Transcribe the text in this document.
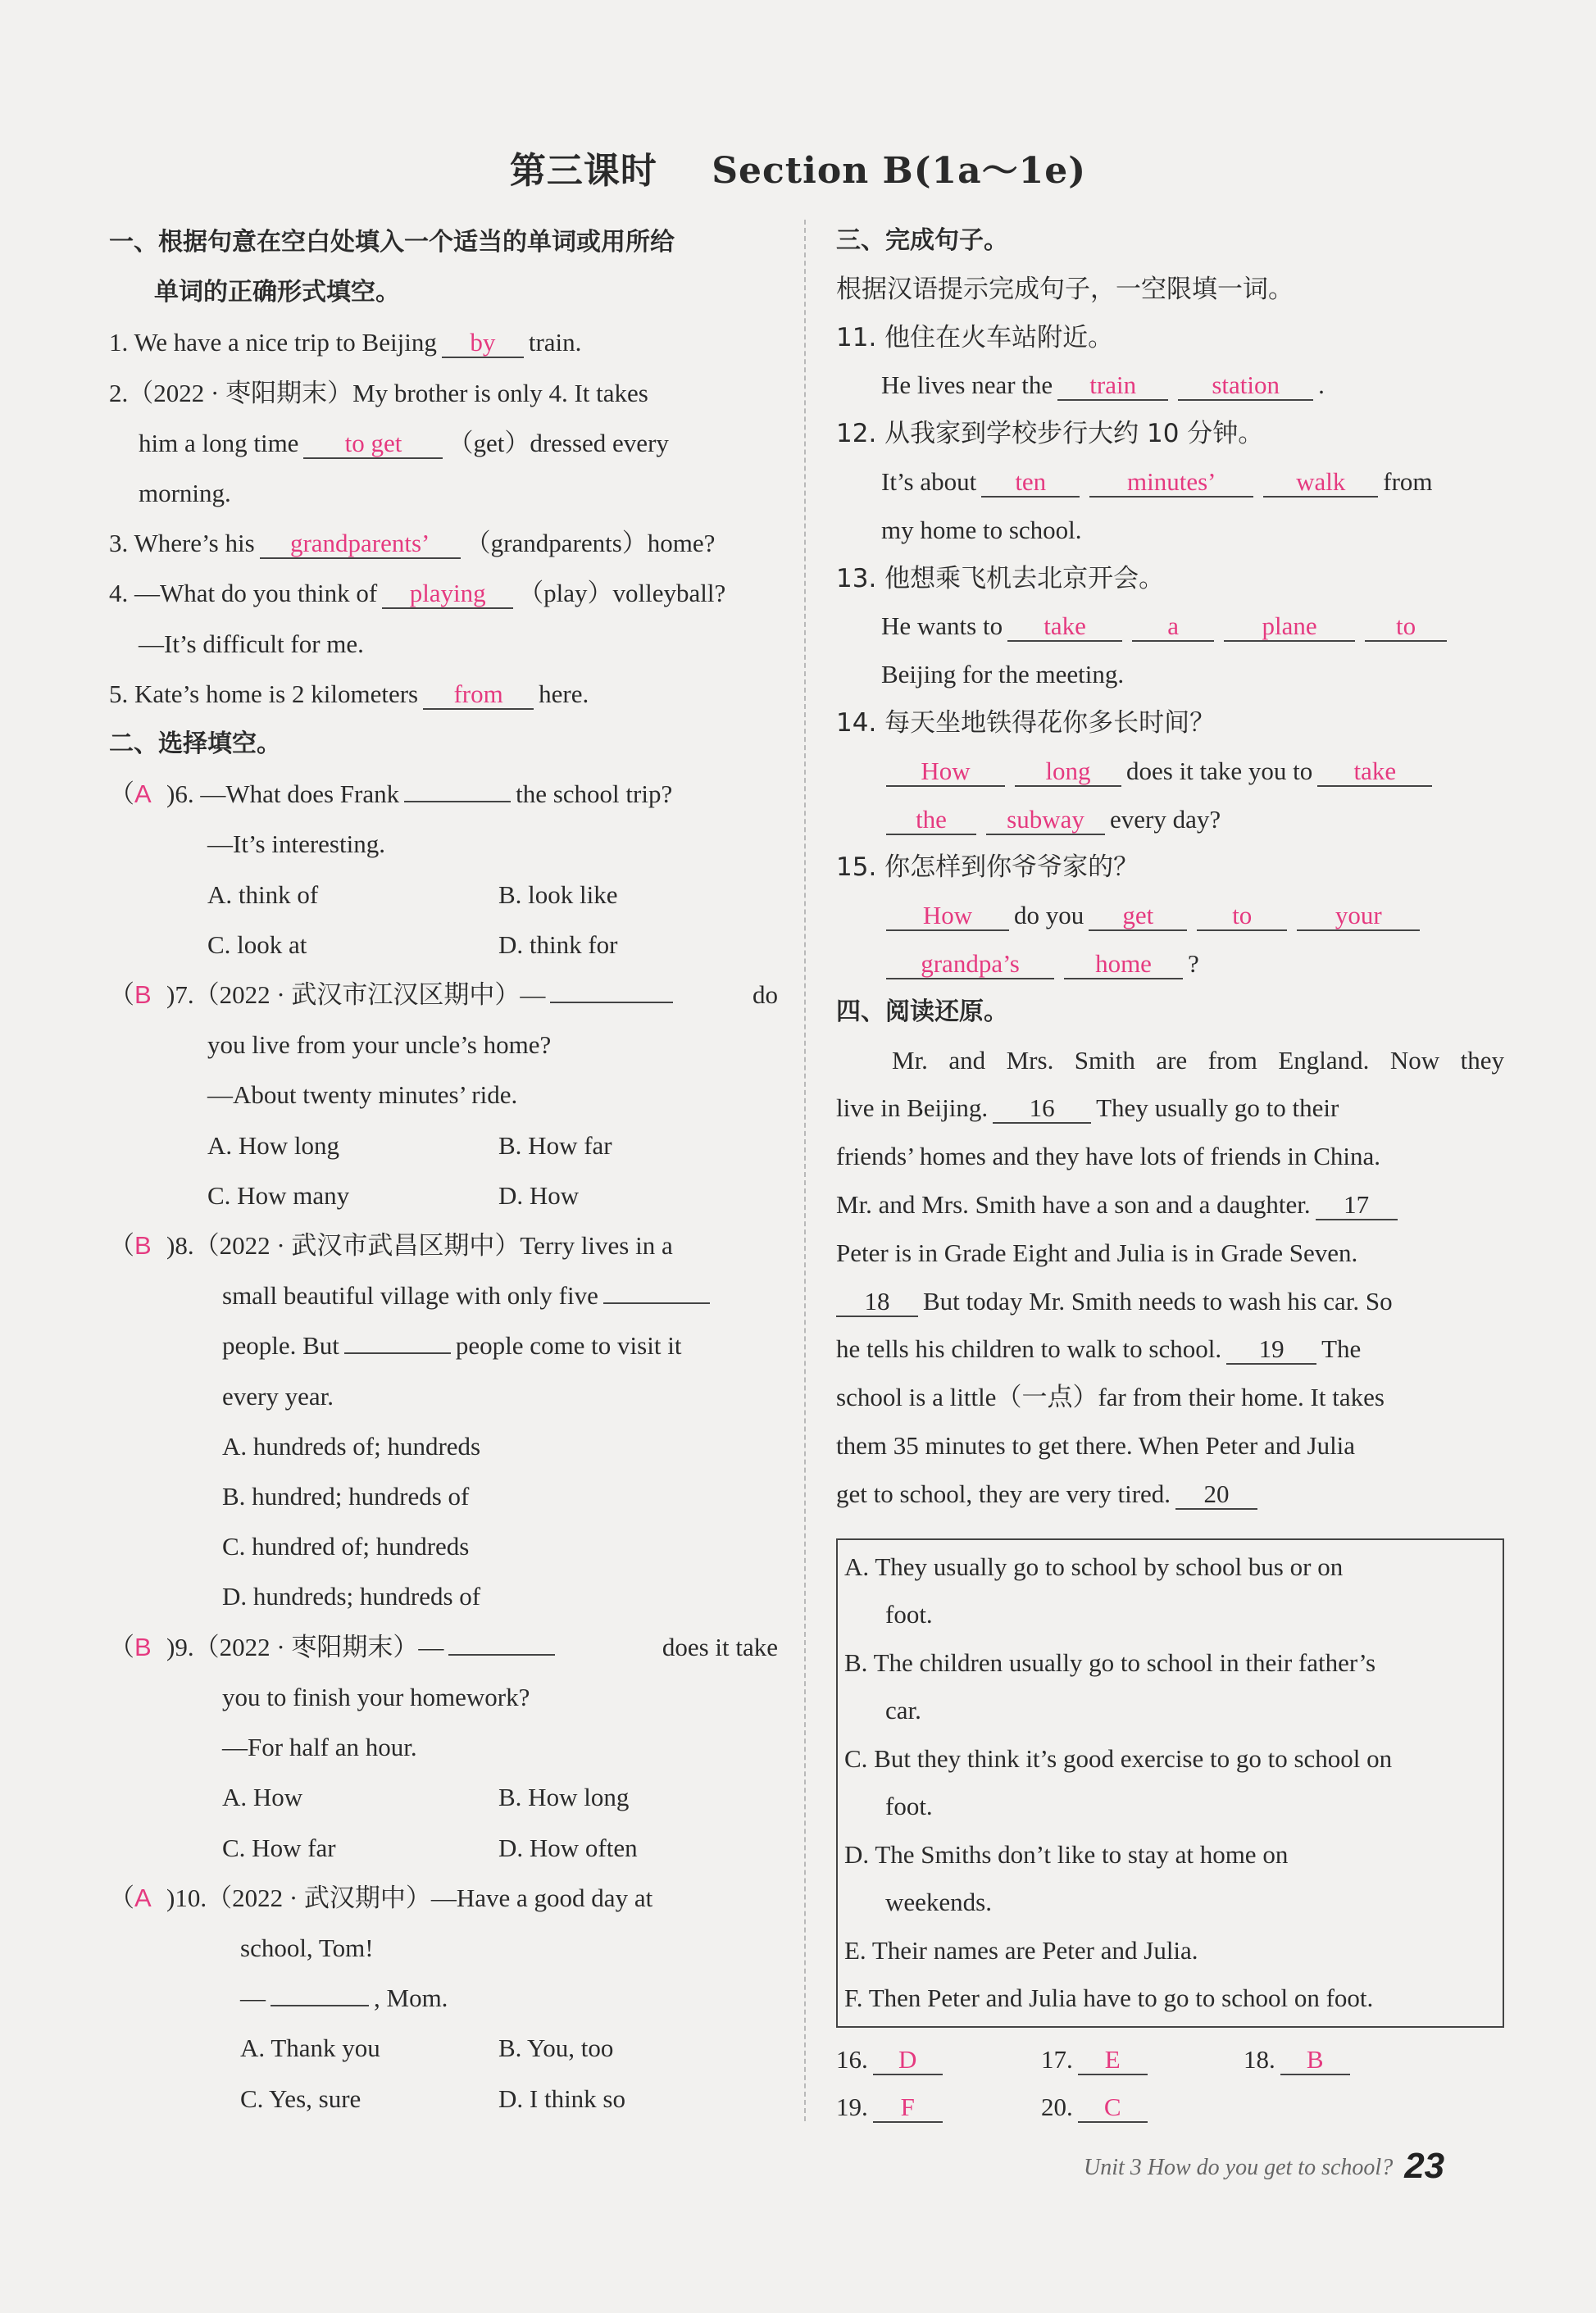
第三课时 Section B(1a～1e)
一、根据句意在空白处填入一个适当的单词或用所给
单词的正确形式填空。
1. We have a nice trip to Beijing by train.
2.（2022 · 枣阳期末）My brother is only 4. It takes
him a long time to get （get）dressed every
morning.
3. Where’s his grandparents’ （grandparents）home?
4. —What do you think of playing （play）volleyball?
—It’s difficult for me.
5. Kate’s home is 2 kilometers from here.
二、选择填空。
（A )6. —What does Frank	the school trip?
—It’s interesting.
A. think of	B. look like
C. look at	D. think for
（B )7.（2022 · 武汉市江汉区期中）—	do
you live from your uncle’s home?
—About twenty minutes’ ride.
A. How long	B. How far
C. How many	D. How
（B )8.（2022 · 武汉市武昌区期中）Terry lives in a
small beautiful village with only five
people. But	people come to visit it
every year.
A. hundreds of; hundreds
B. hundred; hundreds of
C. hundred of; hundreds
D. hundreds; hundreds of
（B )9.（2022 · 枣阳期末）—	does it take
you to finish your homework?
—For half an hour.
A. How	B. How long
C. How far	D. How often
（A )10.（2022 · 武汉期中）—Have a good day at
school, Tom!
—	, Mom.
A. Thank you	B. You, too
C. Yes, sure	D. I think so
三、完成句子。
根据汉语提示完成句子，一空限填一词。
11. 他住在火车站附近。
He lives near the train	station .
12. 从我家到学校步行大约 10 分钟。
It’s about ten	minutes’	walk from
my home to school.
13. 他想乘飞机去北京开会。
He wants to take	a	plane	to
Beijing for the meeting.
14. 每天坐地铁得花你多长时间？
How	long does it take you to take
the subway every day?
15. 你怎样到你爷爷家的？
How do you get	to	your
grandpa’s	home ?
四、阅读还原。
Mr. and Mrs. Smith are from England. Now they
live in Beijing. 16 They usually go to their
friends’ homes and they have lots of friends in China.
Mr. and Mrs. Smith have a son and a daughter. 17
Peter is in Grade Eight and Julia is in Grade Seven.
18 But today Mr. Smith needs to wash his car. So
he tells his children to walk to school. 19 The
school is a little（一点）far from their home. It takes
them 35 minutes to get there. When Peter and Julia
get to school, they are very tired. 20
A. They usually go to school by school bus or on
foot.
B. The children usually go to school in their father’s
car.
C. But they think it’s good exercise to go to school on
foot.
D. The Smiths don’t like to stay at home on
weekends.
E. Their names are Peter and Julia.
F. Then Peter and Julia have to go to school on foot.
16. D	17. E	18. B
19. F	20. C
Unit 3 How do you get to school? 23
